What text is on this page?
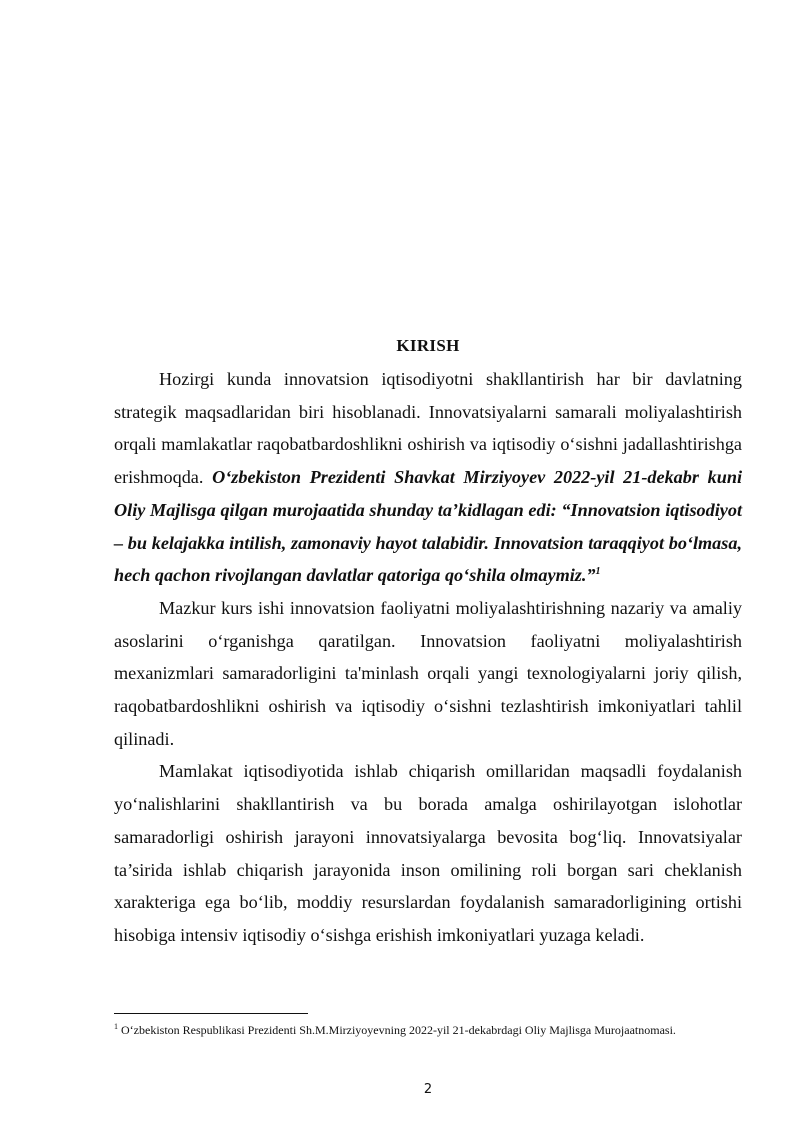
KIRISH

Hozirgi kunda innovatsion iqtisodiyotni shakllantirish har bir davlatning strategik maqsadlaridan biri hisoblanadi. Innovatsiyalarni samarali moliyalashtirish orqali mamlakatlar raqobatbardoshlikni oshirish va iqtisodiy o‘sishni jadallashtirishga erishmoqda. O‘zbekiston Prezidenti Shavkat Mirziyoyev 2022-yil 21-dekabr kuni Oliy Majlisga qilgan murojaatida shunday ta’kidlagan edi: “Innovatsion iqtisodiyot – bu kelajakka intilish, zamonaviy hayot talabidir. Innovatsion taraqqiyot bo‘lmasa, hech qachon rivojlangan davlatlar qatoriga qo‘shila olmaymiz.”$^1$

Mazkur kurs ishi innovatsion faoliyatni moliyalashtirishning nazariy va amaliy asoslarini o‘rganishga qaratilgan. Innovatsion faoliyatni moliyalashtirish mexanizmlari samaradorligini ta'minlash orqali yangi texnologiyalarni joriy qilish, raqobatbardoshlikni oshirish va iqtisodiy o‘sishni tezlashtirish imkoniyatlari tahlil qilinadi.

Mamlakat iqtisodiyotida ishlab chiqarish omillaridan maqsadli foydalanish yo‘nalishlarini shakllantirish va bu borada amalga oshirilayotgan islohotlar samaradorligi oshirish jarayoni innovatsiyalarga bevosita bog‘liq. Innovatsiyalar ta’sirida ishlab chiqarish jarayonida inson omilining roli borgan sari cheklanish xarakteriga ega bo‘lib, moddiy resurslardan foydalanish samaradorligining ortishi hisobiga intensiv iqtisodiy o‘sishga erishish imkoniyatlari yuzaga keladi.

$^1$ O‘zbekiston Respublikasi Prezidenti Sh.M.Mirziyoyevning 2022-yil 21-dekabrdagi Oliy Majlisga Murojaatnomasi.
2
